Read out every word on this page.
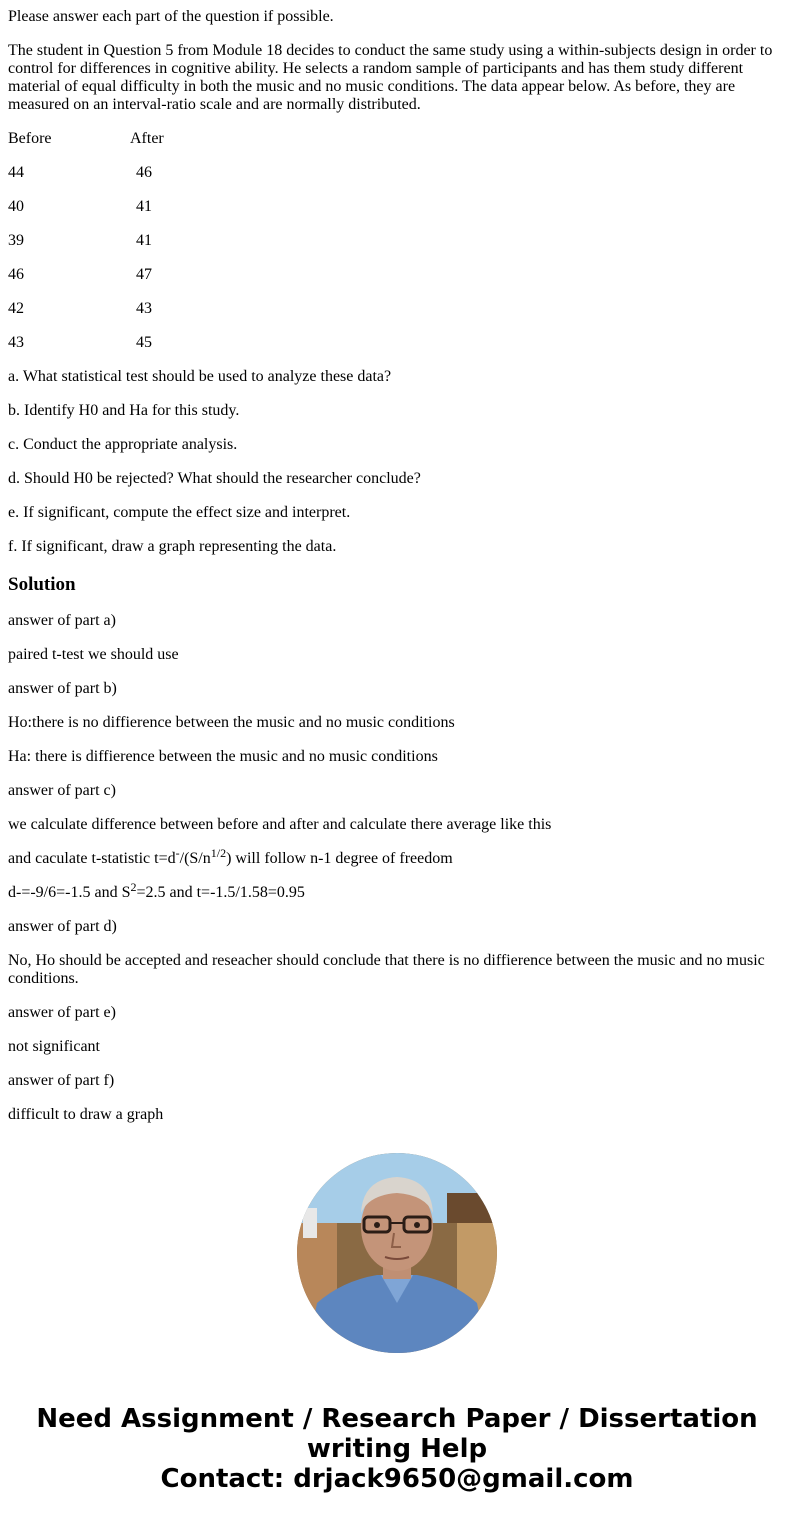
Please answer each part of the question if possible.

The student in Question 5 from Module 18 decides to conduct the same study using a within-subjects design in order to control for differences in cognitive ability. He selects a random sample of participants and has them study different material of equal difficulty in both the music and no music conditions. The data appear below. As before, they are measured on an interval-ratio scale and are normally distributed.

Before	After
44	46
40	41
39	41
46	47
42	43
43	45

a. What statistical test should be used to analyze these data?

b. Identify H0 and Ha for this study.

c. Conduct the appropriate analysis.

d. Should H0 be rejected? What should the researcher conclude?

e. If significant, compute the effect size and interpret.

f. If significant, draw a graph representing the data.

Solution

answer of part a)

paired t-test we should use

answer of part b)

Ho:there is no diffierence between the music and no music conditions

Ha: there is diffierence between the music and no music conditions

answer of part c)

we calculate difference between before and after and calculate there average like this

and caculate t-statistic $t=d^-/(S/n^{1/2})$ will follow n-1 degree of freedom

d-=-9/6=-1.5 and $S^2=2.5$ and t=-1.5/1.58=0.95

answer of part d)

No, Ho should be accepted and reseacher should conclude that there is no diffierence between the music and no music conditions.

answer of part e)

not significant

answer of part f)

difficult to draw a graph

Need Assignment / Research Paper / Dissertation
writing Help
Contact: drjack9650@gmail.com
